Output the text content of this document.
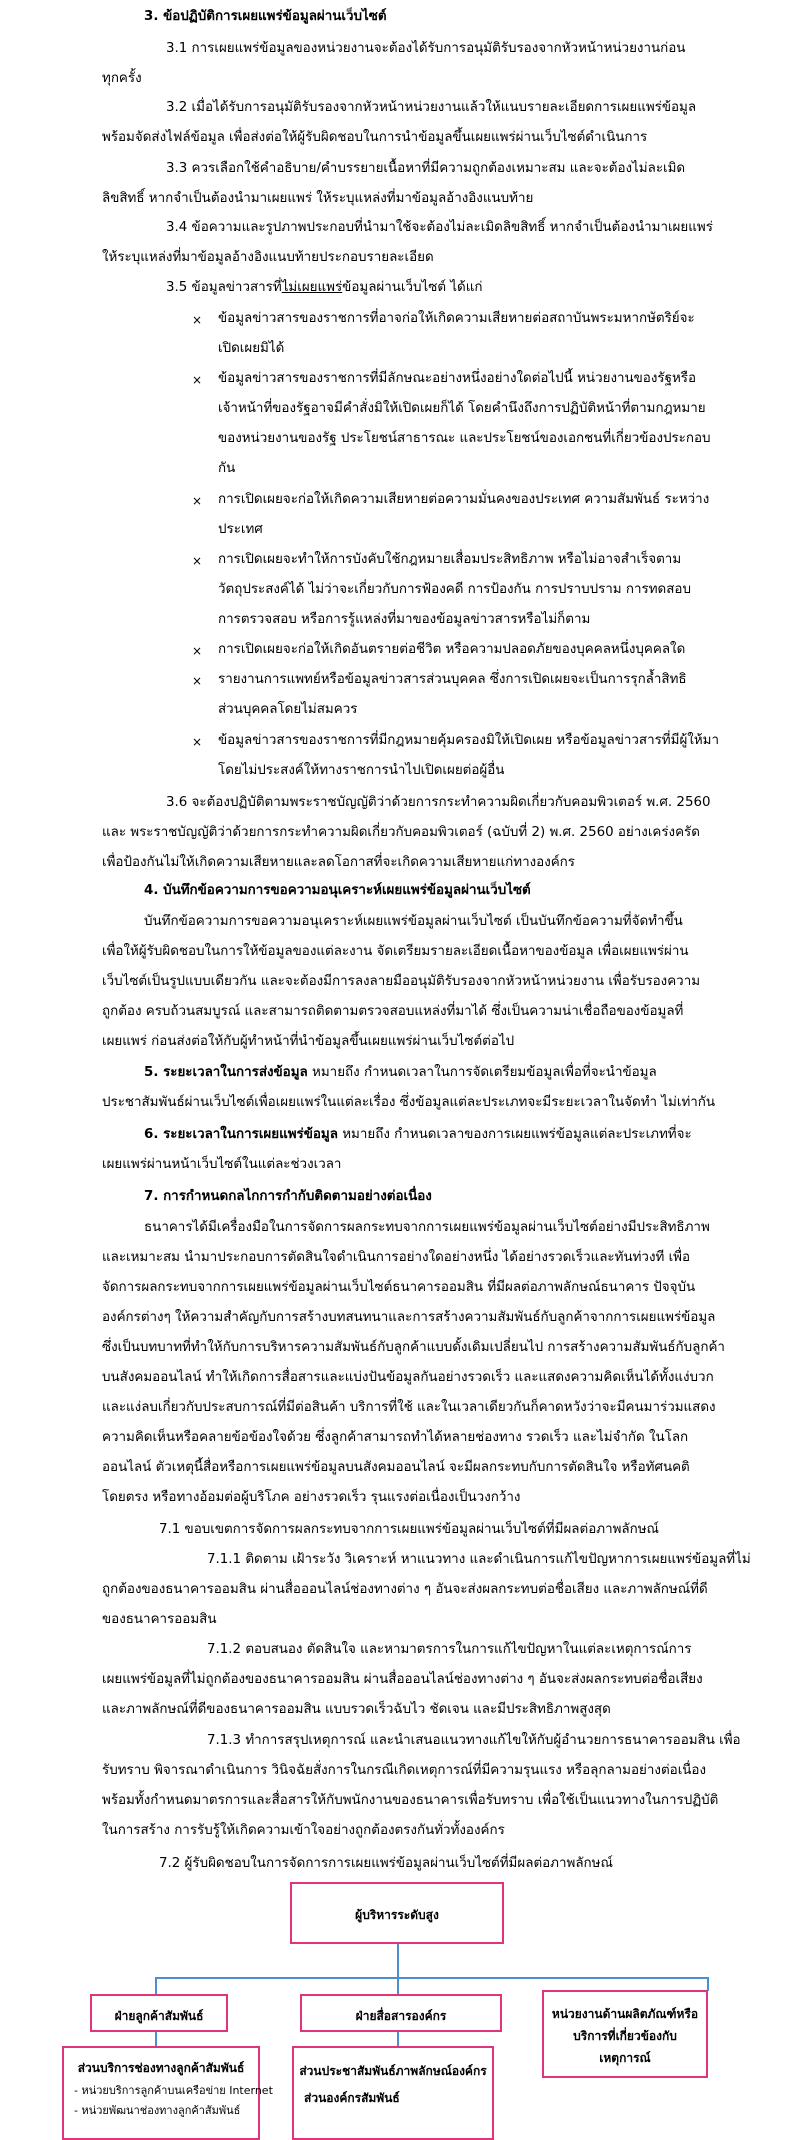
3. ข้อปฏิบัติการเผยแพร่ข้อมูลผ่านเว็บไซต์
3.1 การเผยแพร่ข้อมูลของหน่วยงานจะต้องได้รับการอนุมัติรับรองจากหัวหน้าหน่วยงานก่อน
ทุกครั้ง
3.2 เมื่อได้รับการอนุมัติรับรองจากหัวหน้าหน่วยงานแล้วให้แนบรายละเอียดการเผยแพร่ข้อมูล
พร้อมจัดส่งไฟล์ข้อมูล เพื่อส่งต่อให้ผู้รับผิดชอบในการนำข้อมูลขึ้นเผยแพร่ผ่านเว็บไซต์ดำเนินการ
3.3 ควรเลือกใช้คำอธิบาย/คำบรรยายเนื้อหาที่มีความถูกต้องเหมาะสม และจะต้องไม่ละเมิด
ลิขสิทธิ์ หากจำเป็นต้องนำมาเผยแพร่ ให้ระบุแหล่งที่มาข้อมูลอ้างอิงแนบท้าย
3.4 ข้อความและรูปภาพประกอบที่นำมาใช้จะต้องไม่ละเมิดลิขสิทธิ์ หากจำเป็นต้องนำมาเผยแพร่
ให้ระบุแหล่งที่มาข้อมูลอ้างอิงแนบท้ายประกอบรายละเอียด
3.5 ข้อมูลข่าวสารที่ไม่เผยแพร่ข้อมูลผ่านเว็บไซต์ ได้แก่
× ข้อมูลข่าวสารของราชการที่อาจก่อให้เกิดความเสียหายต่อสถาบันพระมหากษัตริย์จะ
เปิดเผยมิได้
× ข้อมูลข่าวสารของราชการที่มีลักษณะอย่างหนึ่งอย่างใดต่อไปนี้ หน่วยงานของรัฐหรือ
เจ้าหน้าที่ของรัฐอาจมีคำสั่งมิให้เปิดเผยก็ได้ โดยคำนึงถึงการปฏิบัติหน้าที่ตามกฎหมาย
ของหน่วยงานของรัฐ ประโยชน์สาธารณะ และประโยชน์ของเอกชนที่เกี่ยวข้องประกอบ
กัน
× การเปิดเผยจะก่อให้เกิดความเสียหายต่อความมั่นคงของประเทศ ความสัมพันธ์ ระหว่าง
ประเทศ
× การเปิดเผยจะทำให้การบังคับใช้กฎหมายเสื่อมประสิทธิภาพ หรือไม่อาจสำเร็จตาม
วัตถุประสงค์ได้ ไม่ว่าจะเกี่ยวกับการฟ้องคดี การป้องกัน การปราบปราม การทดสอบ
การตรวจสอบ หรือการรู้แหล่งที่มาของข้อมูลข่าวสารหรือไม่ก็ตาม
× การเปิดเผยจะก่อให้เกิดอันตรายต่อชีวิต หรือความปลอดภัยของบุคคลหนึ่งบุคคลใด
× รายงานการแพทย์หรือข้อมูลข่าวสารส่วนบุคคล ซึ่งการเปิดเผยจะเป็นการรุกล้ำสิทธิ
ส่วนบุคคลโดยไม่สมควร
× ข้อมูลข่าวสารของราชการที่มีกฎหมายคุ้มครองมิให้เปิดเผย หรือข้อมูลข่าวสารที่มีผู้ให้มา
โดยไม่ประสงค์ให้ทางราชการนำไปเปิดเผยต่อผู้อื่น
3.6 จะต้องปฏิบัติตามพระราชบัญญัติว่าด้วยการกระทำความผิดเกี่ยวกับคอมพิวเตอร์ พ.ศ. 2560
และ พระราชบัญญัติว่าด้วยการกระทำความผิดเกี่ยวกับคอมพิวเตอร์ (ฉบับที่ 2) พ.ศ. 2560 อย่างเคร่งครัด
เพื่อป้องกันไม่ให้เกิดความเสียหายและลดโอกาสที่จะเกิดความเสียหายแก่ทางองค์กร
4. บันทึกข้อความการขอความอนุเคราะห์เผยแพร่ข้อมูลผ่านเว็บไซต์
บันทึกข้อความการขอความอนุเคราะห์เผยแพร่ข้อมูลผ่านเว็บไซต์ เป็นบันทึกข้อความที่จัดทำขึ้น
เพื่อให้ผู้รับผิดชอบในการให้ข้อมูลของแต่ละงาน จัดเตรียมรายละเอียดเนื้อหาของข้อมูล เพื่อเผยแพร่ผ่าน
เว็บไซต์เป็นรูปแบบเดียวกัน และจะต้องมีการลงลายมืออนุมัติรับรองจากหัวหน้าหน่วยงาน เพื่อรับรองความ
ถูกต้อง ครบถ้วนสมบูรณ์ และสามารถติดตามตรวจสอบแหล่งที่มาได้ ซึ่งเป็นความน่าเชื่อถือของข้อมูลที่
เผยแพร่ ก่อนส่งต่อให้กับผู้ทำหน้าที่นำข้อมูลขึ้นเผยแพร่ผ่านเว็บไซต์ต่อไป
5. ระยะเวลาในการส่งข้อมูล หมายถึง กำหนดเวลาในการจัดเตรียมข้อมูลเพื่อที่จะนำข้อมูล
ประชาสัมพันธ์ผ่านเว็บไซต์เพื่อเผยแพร่ในแต่ละเรื่อง ซึ่งข้อมูลแต่ละประเภทจะมีระยะเวลาในจัดทำ ไม่เท่ากัน
6. ระยะเวลาในการเผยแพร่ข้อมูล หมายถึง กำหนดเวลาของการเผยแพร่ข้อมูลแต่ละประเภทที่จะ
เผยแพร่ผ่านหน้าเว็บไซต์ในแต่ละช่วงเวลา
7. การกำหนดกลไกการกำกับติดตามอย่างต่อเนื่อง
ธนาคารได้มีเครื่องมือในการจัดการผลกระทบจากการเผยแพร่ข้อมูลผ่านเว็บไซต์อย่างมีประสิทธิภาพ
และเหมาะสม นำมาประกอบการตัดสินใจดำเนินการอย่างใดอย่างหนึ่ง ได้อย่างรวดเร็วและทันท่วงที เพื่อ
จัดการผลกระทบจากการเผยแพร่ข้อมูลผ่านเว็บไซต์ธนาคารออมสิน ที่มีผลต่อภาพลักษณ์ธนาคาร ปัจจุบัน
องค์กรต่างๆ ให้ความสำคัญกับการสร้างบทสนทนาและการสร้างความสัมพันธ์กับลูกค้าจากการเผยแพร่ข้อมูล
ซึ่งเป็นบทบาทที่ทำให้กับการบริหารความสัมพันธ์กับลูกค้าแบบดั้งเดิมเปลี่ยนไป การสร้างความสัมพันธ์กับลูกค้า
บนสังคมออนไลน์ ทำให้เกิดการสื่อสารและแบ่งปันข้อมูลกันอย่างรวดเร็ว และแสดงความคิดเห็นได้ทั้งแง่บวก
และแง่ลบเกี่ยวกับประสบการณ์ที่มีต่อสินค้า บริการที่ใช้ และในเวลาเดียวกันก็คาดหวังว่าจะมีคนมาร่วมแสดง
ความคิดเห็นหรือคลายข้อข้องใจด้วย ซึ่งลูกค้าสามารถทำได้หลายช่องทาง รวดเร็ว และไม่จำกัด ในโลก
ออนไลน์ ตัวเหตุนี้สื่อหรือการเผยแพร่ข้อมูลบนสังคมออนไลน์ จะมีผลกระทบกับการตัดสินใจ หรือทัศนคติ
โดยตรง หรือทางอ้อมต่อผู้บริโภค อย่างรวดเร็ว รุนแรงต่อเนื่องเป็นวงกว้าง
7.1 ขอบเขตการจัดการผลกระทบจากการเผยแพร่ข้อมูลผ่านเว็บไซต์ที่มีผลต่อภาพลักษณ์
7.1.1 ติดตาม เฝ้าระวัง วิเคราะห์ หาแนวทาง และดำเนินการแก้ไขปัญหาการเผยแพร่ข้อมูลที่ไม่
ถูกต้องของธนาคารออมสิน ผ่านสื่อออนไลน์ช่องทางต่าง ๆ อันจะส่งผลกระทบต่อชื่อเสียง และภาพลักษณ์ที่ดี
ของธนาคารออมสิน
7.1.2 ตอบสนอง ตัดสินใจ และหามาตรการในการแก้ไขปัญหาในแต่ละเหตุการณ์การ
เผยแพร่ข้อมูลที่ไม่ถูกต้องของธนาคารออมสิน ผ่านสื่อออนไลน์ช่องทางต่าง ๆ อันจะส่งผลกระทบต่อชื่อเสียง
และภาพลักษณ์ที่ดีของธนาคารออมสิน แบบรวดเร็วฉับไว ชัดเจน และมีประสิทธิภาพสูงสุด
7.1.3 ทำการสรุปเหตุการณ์ และนำเสนอแนวทางแก้ไขให้กับผู้อำนวยการธนาคารออมสิน เพื่อ
รับทราบ พิจารณาดำเนินการ วินิจฉัยสั่งการในกรณีเกิดเหตุการณ์ที่มีความรุนแรง หรือลุกลามอย่างต่อเนื่อง
พร้อมทั้งกำหนดมาตรการและสื่อสารให้กับพนักงานของธนาคารเพื่อรับทราบ เพื่อใช้เป็นแนวทางในการปฏิบัติ
ในการสร้าง การรับรู้ให้เกิดความเข้าใจอย่างถูกต้องตรงกันทั่วทั้งองค์กร
7.2 ผู้รับผิดชอบในการจัดการการเผยแพร่ข้อมูลผ่านเว็บไซต์ที่มีผลต่อภาพลักษณ์
ผู้บริหารระดับสูง
ฝ่ายลูกค้าสัมพันธ์	ฝ่ายสื่อสารองค์กร	หน่วยงานด้านผลิตภัณฑ์หรือ
บริการที่เกี่ยวข้องกับ
เหตุการณ์
ส่วนบริการช่องทางลูกค้าสัมพันธ์
- หน่วยบริการลูกค้าบนเครือข่าย Internet
- หน่วยพัฒนาช่องทางลูกค้าสัมพันธ์
ส่วนประชาสัมพันธ์ภาพลักษณ์องค์กร
ส่วนองค์กรสัมพันธ์
